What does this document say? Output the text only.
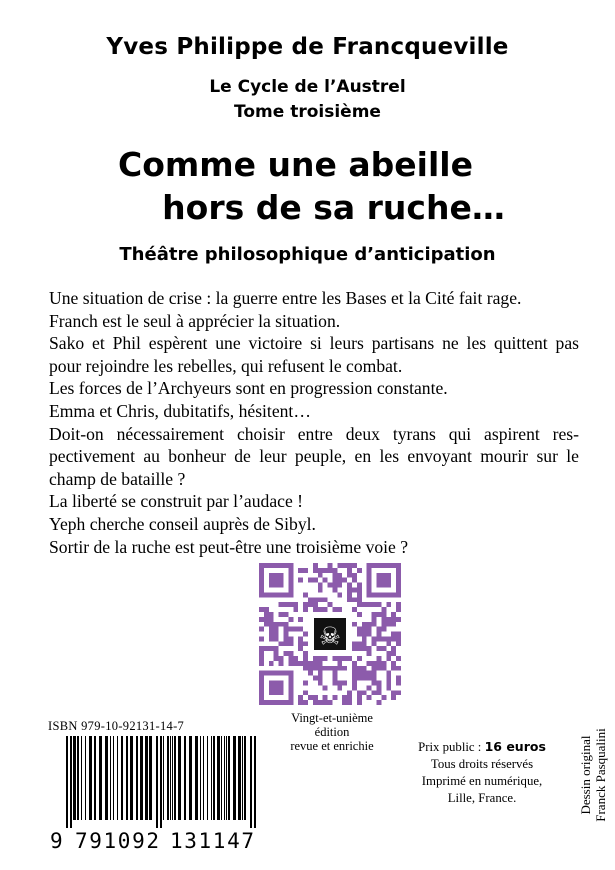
Yves Philippe de Francqueville
Le Cycle de l’Austrel
Tome troisième
Comme une abeille
hors de sa ruche…
Théâtre philosophique d’anticipation
Une situation de crise : la guerre entre les Bases et la Cité fait rage.
Franch est le seul à apprécier la situation.
Sako et Phil espèrent une victoire si leurs partisans ne les quittent pas
pour rejoindre les rebelles, qui refusent le combat.
Les forces de l’Archyeurs sont en progression constante.
Emma et Chris, dubitatifs, hésitent…
Doit-on nécessairement choisir entre deux tyrans qui aspirent res-
pectivement au bonheur de leur peuple, en les envoyant mourir sur le
champ de bataille ?
La liberté se construit par l’audace !
Yeph cherche conseil auprès de Sibyl.
Sortir de la ruche est peut-être une troisième voie ?
☠
Vingt-et-unième
édition
revue et enrichie
ISBN 979-10-92131-14-7
9 791092 131147
Prix public : 16 euros
Tous droits réservés
Imprimé en numérique,
Lille, France.	Dessin original Franck Pasqualini
